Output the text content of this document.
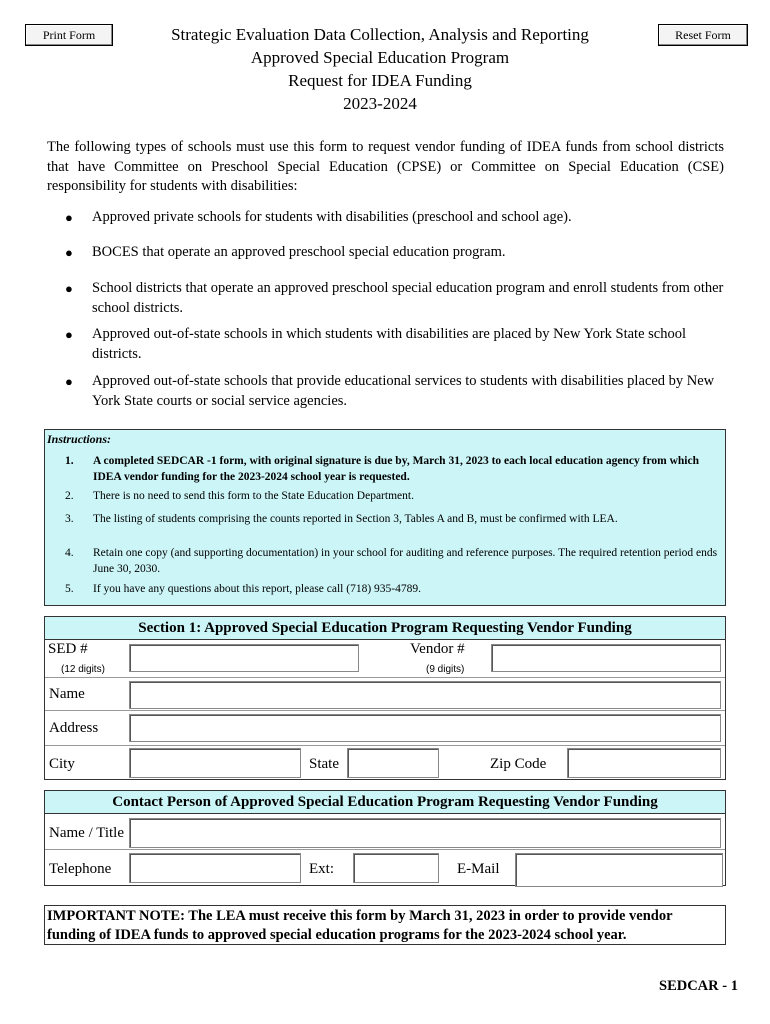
Print Form	Reset Form
Strategic Evaluation Data Collection, Analysis and Reporting
Approved Special Education Program
Request for IDEA Funding
2023-2024
The following types of schools must use this form to request vendor funding of IDEA funds from school districts that have Committee on Preschool Special Education (CPSE) or Committee on Special Education (CSE) responsibility for students with disabilities:
● Approved private schools for students with disabilities (preschool and school age).
● BOCES that operate an approved preschool special education program.
● School districts that operate an approved preschool special education program and enroll students from other school districts.
● Approved out-of-state schools in which students with disabilities are placed by New York State school districts.
● Approved out-of-state schools that provide educational services to students with disabilities placed by New York State courts or social service agencies.
Instructions:
1. A completed SEDCAR -1 form, with original signature is due by, March 31, 2023 to each local education agency from which IDEA vendor funding for the 2023-2024 school year is requested.
2. There is no need to send this form to the State Education Department.
3. The listing of students comprising the counts reported in Section 3, Tables A and B, must be confirmed with LEA.
4. Retain one copy (and supporting documentation) in your school for auditing and reference purposes. The required retention period ends June 30, 2030.
5. If you have any questions about this report, please call (718) 935-4789.
Section 1: Approved Special Education Program Requesting Vendor Funding
SED #
(12 digits)
Vendor #
(9 digits)
Name
Address
City	State	Zip Code
Contact Person of Approved Special Education Program Requesting Vendor Funding
Name / Title
Telephone	Ext:	E-Mail
IMPORTANT NOTE: The LEA must receive this form by March 31, 2023 in order to provide vendor funding of IDEA funds to approved special education programs for the 2023-2024 school year.
SEDCAR - 1
